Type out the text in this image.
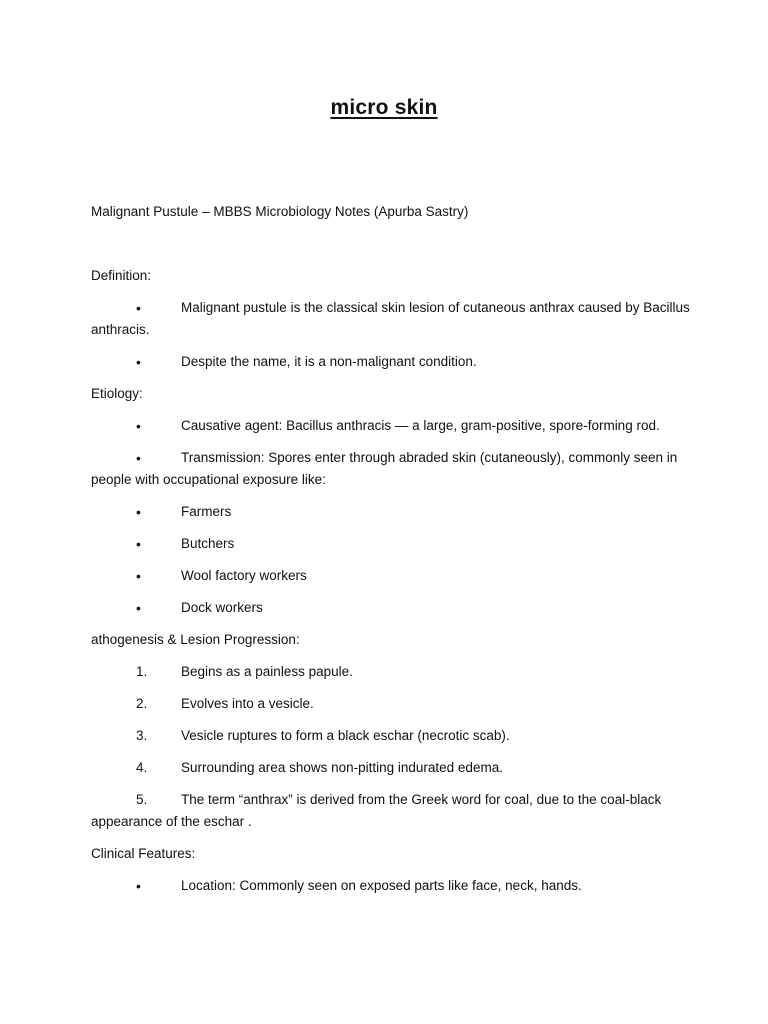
micro skin

Malignant Pustule – MBBS Microbiology Notes (Apurba Sastry)

Definition:

•	Malignant pustule is the classical skin lesion of cutaneous anthrax caused by Bacillus anthracis.

•	Despite the name, it is a non-malignant condition.

Etiology:

•	Causative agent: Bacillus anthracis — a large, gram-positive, spore-forming rod.

•	Transmission: Spores enter through abraded skin (cutaneously), commonly seen in people with occupational exposure like:

•	Farmers

•	Butchers

•	Wool factory workers

•	Dock workers

athogenesis & Lesion Progression:

1.	Begins as a painless papule.

2.	Evolves into a vesicle.

3.	Vesicle ruptures to form a black eschar (necrotic scab).

4.	Surrounding area shows non-pitting indurated edema.

5.	The term “anthrax” is derived from the Greek word for coal, due to the coal-black appearance of the eschar .

Clinical Features:

•	Location: Commonly seen on exposed parts like face, neck, hands.
